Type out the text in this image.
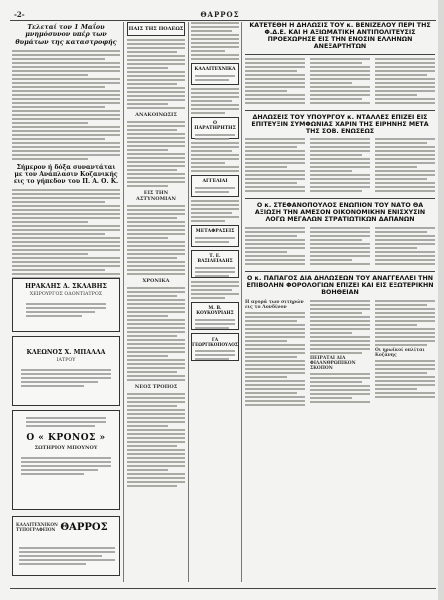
-2-	ΘΑΡΡΟΣ
Τελεταί τον 1 Μαΐου μνημόσυνον υπέρ των θυμάτων της καταστροφής
Σήμερον ή δόξα συναντάται με τον Ανάπλασιν Κοζανικής εις το γήπεδον του Π. Α. Ο. Κ.
ΗΡΑΚΛΗΣ Δ. ΣΚΛΑΒΗΣ
ΧΕΙΡΟΥΡΓΟΣ ΟΔΟΝΤΙΑΤΡΟΣ
ΚΛΕΩΝΟΣ Χ. ΜΠΑΛΛΑ
ΙΑΤΡΟΥ
Ο « ΚΡΟΝΟΣ »
ΣΩΤΗΡΙΟΥ ΜΠΟΥΝΟΥ
ΚΑΛΛΙΤΕΧΝΙΚΟΝ ΤΥΠΟΓΡΑΦΕΙΟΝ ΘΑΡΡΟΣ
ΠΑΙΣ ΤΗΣ ΠΟΛΕΩΣ
ΑΝΑΚΟΙΝΩΣΙΣ
ΕΙΣ ΤΗΝ ΑΣΤΥΝΟΜΙΑΝ
ΧΡΟΝΙΚΑ
ΝΕΟΣ ΤΡΟΠΟΣ
ΚΑΛΛΙΤΕΧΝΙΚΑ
Ο ΠΑΡΑΤΗΡΗΤΗΣ
ΑΓΓΕΛΙΑΙ
ΜΕΤΑΦΡΑΣΕΙΣ
Τ. Ε. ΒΑΣΙΛΕΙΑΔΗΣ
Μ. Β. ΚΟΥΚΟΥΡΙΔΗΣ
ΓΑ ΓΕΩΡΓΙΚΟΠΟΥΛΟΣ
ΚΑΤΕΤΕΘΗ Η ΔΗΛΩΣΙΣ ΤΟΥ κ. ΒΕΝΙΖΕΛΟΥ ΠΕΡΙ ΤΗΣ Φ.Δ.Ε. ΚΑΙ Η ΑΞΙΩΜΑΤΙΚΗ ΑΝΤΙΠΟΛΙΤΕΥΣΙΣ ΠΡΟΕΧΩΡΗΣΕ ΕΙΣ ΤΗΝ ΕΝΟΣΙΝ ΕΛΛΗΝΩΝ ΑΝΕΞΑΡΤΗΤΩΝ
ΔΗΛΩΣΕΙΣ ΤΟΥ ΥΠΟΥΡΓΟΥ κ. ΝΤΑΛΛΕΣ ΕΠΙΖΕΙ ΕΙΣ ΕΠΙΤΕΥΞΙΝ ΣΥΜΦΩΝΙΑΣ ΧΑΡΙΝ ΤΗΣ ΕΙΡΗΝΗΣ ΜΕΤΑ ΤΗΣ ΣΟΒ. ΕΝΩΣΕΩΣ
Ο κ. ΣΤΕΦΑΝΟΠΟΥΛΟΣ ΕΝΩΠΙΟΝ ΤΟΥ ΝΑΤΟ ΘΑ ΑΞΙΩΣΗ ΤΗΝ ΑΜΕΣΟΝ ΟΙΚΟΝΟΜΙΚΗΝ ΕΝΙΣΧΥΣΙΝ ΛΟΓΩ ΜΕΓΑΛΩΝ ΣΤΡΑΤΙΩΤΙΚΩΝ ΔΑΠΑΝΩΝ
Ο κ. ΠΑΠΑΓΟΣ ΔΙΑ ΔΗΛΩΣΕΩΝ ΤΟΥ ΑΝΑΓΓΕΛΛΕΙ ΤΗΝ ΕΠΙΒΟΛΗΝ ΦΟΡΟΛΟΓΙΩΝ ΕΠΙΖΕΙ ΚΑΙ ΕΙΣ ΕΞΩΤΕΡΙΚΗΝ ΒΟΗΘΕΙΑΝ
Η αγορά των σιτηρών εις το Λονδίνον
ΠΕΙΡΑΤΑΙ ΔΙΑ ΦΙΛΑΝΘΡΩΠΙΚΟΝ ΣΚΟΠΟΝ
Οι ηρωϊκοί οπλίται Κοζάνης
